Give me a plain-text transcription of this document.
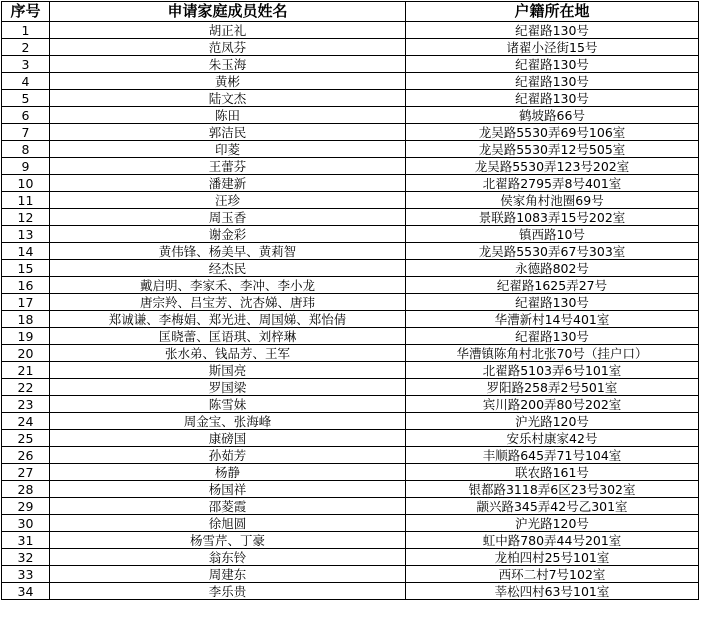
序号	申请家庭成员姓名	户籍所在地
1	胡正礼	纪翟路130号
2	范凤芬	诸翟小泾街15号
3	朱玉海	纪翟路130号
4	黄彬	纪翟路130号
5	陆文杰	纪翟路130号
6	陈田	鹤坡路66号
7	郭洁民	龙吴路5530弄69号106室
8	印菱	龙吴路5530弄12号505室
9	王蕾芬	龙吴路5530弄123号202室
10	潘建新	北翟路2795弄8号401室
11	汪珍	侯家角村池圈69号
12	周玉香	景联路1083弄15号202室
13	谢金彩	镇西路10号
14	黄伟锋、杨美早、黄莉智	龙吴路5530弄67号303室
15	经杰民	永德路802号
16	戴启明、李家禾、李冲、李小龙	纪翟路1625弄27号
17	唐宗羚、吕宝芳、沈杏娣、唐玮	纪翟路130号
18	郑诚谦、李梅娟、郑光进、周国娣、郑怡倩	华漕新村14号401室
19	匡晓蕾、匡语琪、刘梓琳	纪翟路130号
20	张水弟、钱品芳、王军	华漕镇陈角村北张70号（挂户口）
21	斯国亮	北翟路5103弄6号101室
22	罗国梁	罗阳路258弄2号501室
23	陈雪妹	宾川路200弄80号202室
24	周金宝、张海峰	沪光路120号
25	康磅国	安乐村康家42号
26	孙茹芳	丰顺路645弄71号104室
27	杨静	联农路161号
28	杨国祥	银都路3118弄6区23号302室
29	邵菱霞	颛兴路345弄42号乙301室
30	徐旭圆	沪光路120号
31	杨雪芹、丁豪	虹中路780弄44号201室
32	翁东铃	龙柏四村25号101室
33	周建东	西环二村7号102室
34	李乐贵	莘松四村63号101室
